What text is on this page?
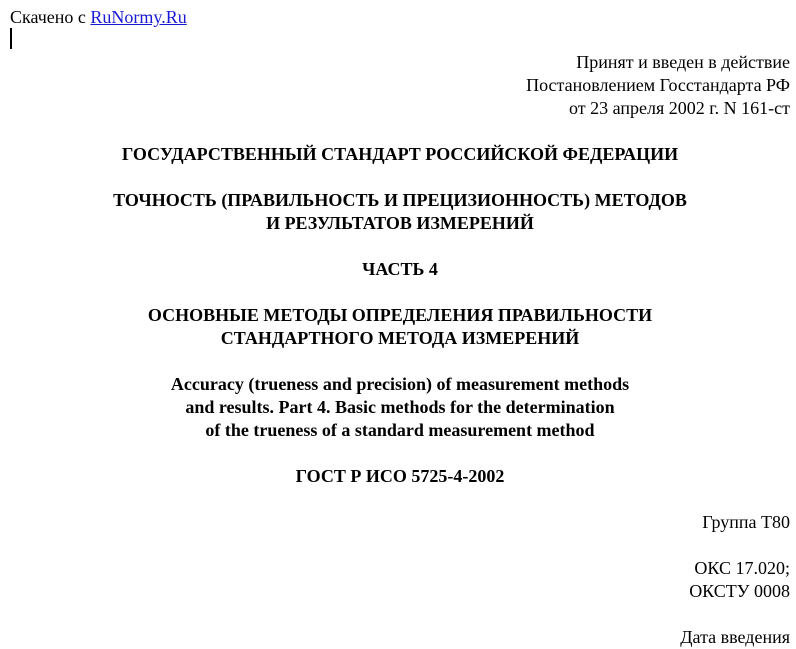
Скачено с RuNormy.Ru
Принят и введен в действие
Постановлением Госстандарта РФ
от 23 апреля 2002 г. N 161-ст
ГОСУДАРСТВЕННЫЙ СТАНДАРТ РОССИЙСКОЙ ФЕДЕРАЦИИ
ТОЧНОСТЬ (ПРАВИЛЬНОСТЬ И ПРЕЦИЗИОННОСТЬ) МЕТОДОВ
И РЕЗУЛЬТАТОВ ИЗМЕРЕНИЙ
ЧАСТЬ 4
ОСНОВНЫЕ МЕТОДЫ ОПРЕДЕЛЕНИЯ ПРАВИЛЬНОСТИ
СТАНДАРТНОГО МЕТОДА ИЗМЕРЕНИЙ
Accuracy (trueness and precision) of measurement methods
and results. Part 4. Basic methods for the determination
of the trueness of a standard measurement method
ГОСТ Р ИСО 5725-4-2002
Группа Т80
ОКС 17.020;
ОКСТУ 0008
Дата введения
